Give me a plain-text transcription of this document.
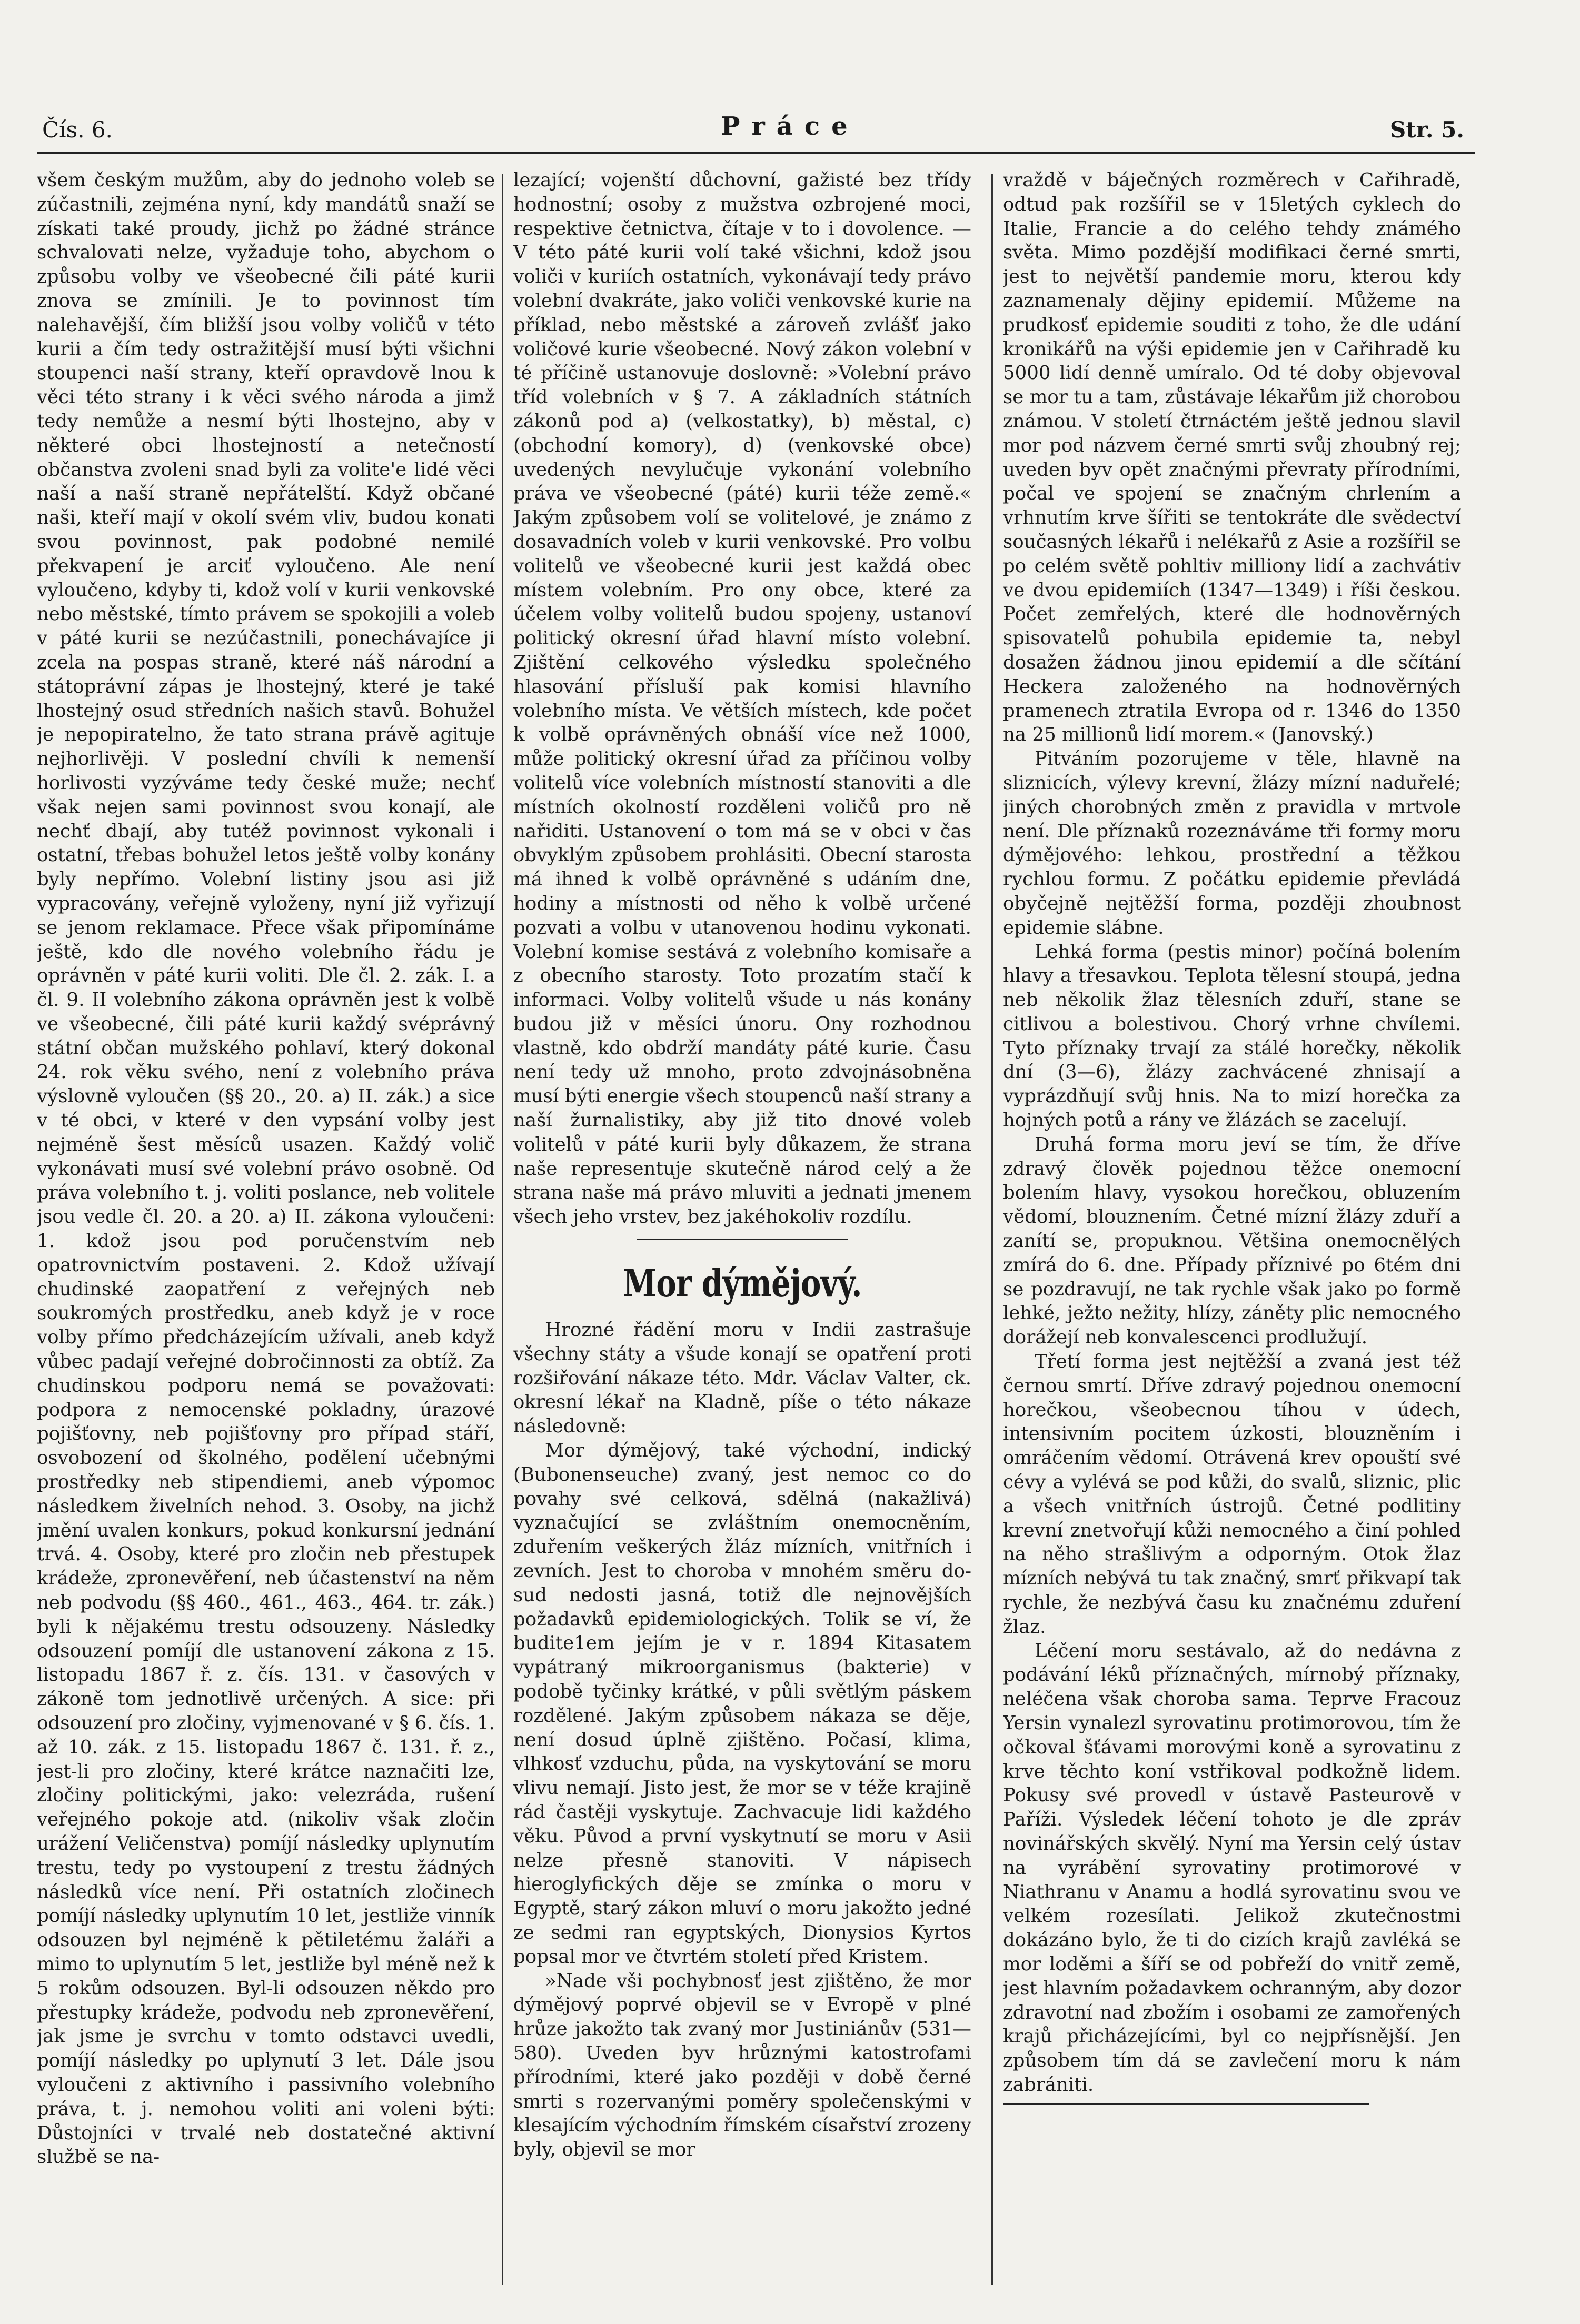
Čís. 6.	Práce	Str. 5.

všem českým mužům, aby do jednoho voleb se zúčastnili, zejména nyní, kdy mandátů snaží se získati také proudy, jichž po žádné stránce schvalovati nelze, vyžaduje toho, abychom o způsobu volby ve všeobecné čili páté kurii znova se zmínili. Je to povinnost tím nalehavější, čím bližší jsou volby voličů v této kurii a čím tedy ostražitější musí býti všichni stoupenci naší strany, kteří opravdově lnou k věci této strany i k věci svého národa a jimž tedy nemůže a nesmí býti lhostejno, aby v některé obci lhostejností a netečností občanstva zvoleni snad byli za volite'e lidé věci naší a naší straně nepřátelští. Když občané naši, kteří mají v okolí svém vliv, budou konati svou povinnost, pak podobné nemilé překvapení je arciť vyloučeno. Ale není vyloučeno, kdyby ti, kdož volí v kurii venkovské nebo městské, tímto právem se spokojili a voleb v páté kurii se nezúčastnili, ponechávajíce ji zcela na pospas straně, které náš národní a státoprávní zápas je lhostejný, které je také lhostejný osud středních našich stavů. Bohužel je nepopiratelno, že tato strana právě agituje nejhorlivěji. V poslední chvíli k nemenší horlivosti vyzýváme tedy české muže; nechť však nejen sami povinnost svou konají, ale nechť dbají, aby tutéž povinnost vykonali i ostatní, třebas bohužel letos ještě volby konány byly nepřímo. Volební listiny jsou asi již vypracovány, veřejně vyloženy, nyní již vyřizují se jenom reklamace. Přece však připomínáme ještě, kdo dle nového volebního řádu je oprávněn v páté kurii voliti. Dle čl. 2. zák. I. a čl. 9. II volebního zákona oprávněn jest k volbě ve všeobecné, čili páté kurii každý svéprávný státní občan mužského pohlaví, který dokonal 24. rok věku svého, není z volebního práva výslovně vyloučen (§§ 20., 20. a) II. zák.) a sice v té obci, v které v den vypsání volby jest nejméně šest měsíců usazen. Každý volič vykonávati musí své volební právo osobně. Od práva volebního t. j. voliti poslance, neb volitele jsou vedle čl. 20. a 20. a) II. zákona vyloučeni: 1. kdož jsou pod poručenstvím neb opatrovnictvím postaveni. 2. Kdož užívají chudinské zaopatření z veřejných neb soukromých prostředku, aneb když je v roce volby přímo předcházejícím užívali, aneb když vůbec padají veřejné dobročinnosti za obtíž. Za chudinskou podporu nemá se považovati: podpora z nemocenské pokladny, úrazové pojišťovny, neb pojišťovny pro případ stáří, osvobození od školného, podělení učebnými prostředky neb stipendiemi, aneb výpomoc následkem živelních nehod. 3. Osoby, na jichž jmění uvalen konkurs, pokud konkursní jednání trvá. 4. Osoby, které pro zločin neb přestupek krádeže, zpronevěření, neb účastenství na něm neb podvodu (§§ 460., 461., 463., 464. tr. zák.) byli k nějakému trestu odsouzeny. Následky odsouzení pomíjí dle ustanovení zákona z 15. listopadu 1867 ř. z. čís. 131. v časových v zákoně tom jednotlivě určených. A sice: při odsouzení pro zločiny, vyjmenované v § 6. čís. 1. až 10. zák. z 15. listopadu 1867 č. 131. ř. z., jest-li pro zločiny, které krátce naznačiti lze, zločiny politickými, jako: velezráda, rušení veřejného pokoje atd. (nikoliv však zločin urážení Veličenstva) pomíjí následky uplynutím trestu, tedy po vystoupení z trestu žádných následků více není. Při ostatních zločinech pomíjí následky uplynutím 10 let, jestliže vinník odsouzen byl nejméně k pětiletému žaláři a mimo to uplynutím 5 let, jestliže byl méně než k 5 rokům odsouzen. Byl-li odsouzen někdo pro přestupky krádeže, podvodu neb zpronevěření, jak jsme je svrchu v tomto odstavci uvedli, pomíjí následky po uplynutí 3 let. Dále jsou vyloučeni z aktivního i passivního volebního práva, t. j. nemohou voliti ani voleni býti: Důstojníci v trvalé neb dostatečné aktivní službě se na-

lezající; vojenští důchovní, gažisté bez třídy hodnostní; osoby z mužstva ozbrojené moci, respektive četnictva, čítaje v to i dovolence. — V této páté kurii volí také všichni, kdož jsou voliči v kuriích ostatních, vykonávají tedy právo volební dvakráte, jako voliči venkovské kurie na příklad, nebo městské a zároveň zvlášť jako voličové kurie všeobecné. Nový zákon volební v té příčině ustanovuje doslovně: »Volební právo tříd volebních v § 7. A základních státních zákonů pod a) (velkostatky), b) městal, c) (obchodní komory), d) (venkovské obce) uvedených nevylučuje vykonání volebního práva ve všeobecné (páté) kurii téže země.« Jakým způsobem volí se volitelové, je známo z dosavadních voleb v kurii venkovské. Pro volbu volitelů ve všeobecné kurii jest každá obec místem volebním. Pro ony obce, které za účelem volby volitelů budou spojeny, ustanoví politický okresní úřad hlavní místo volební. Zjištění celkového výsledku společného hlasování přísluší pak komisi hlavního volebního místa. Ve větších místech, kde počet k volbě oprávněných obnáší více než 1000, může politický okresní úřad za příčinou volby volitelů více volebních místností stanoviti a dle místních okolností rozděleni voličů pro ně nařiditi. Ustanovení o tom má se v obci v čas obvyklým způsobem prohlásiti. Obecní starosta má ihned k volbě oprávněné s udáním dne, hodiny a místnosti od něho k volbě určené pozvati a volbu v utanovenou hodinu vykonati. Volební komise sestává z volebního komisaře a z obecního starosty. Toto prozatím stačí k informaci. Volby volitelů všude u nás konány budou již v měsíci únoru. Ony rozhodnou vlastně, kdo obdrží mandáty páté kurie. Času není tedy už mnoho, proto zdvojnásobněna musí býti energie všech stoupenců naší strany a naší žurnalistiky, aby již tito dnové voleb volitelů v páté kurii byly důkazem, že strana naše representuje skutečně národ celý a že strana naše má právo mluviti a jednati jmenem všech jeho vrstev, bez jakéhokoliv rozdílu.

Mor dýmějový.

Hrozné řádění moru v Indii zastrašuje všechny státy a všude konají se opatření proti rozšiřování nákaze této. Mdr. Václav Valter, ck. okresní lékař na Kladně, píše o této nákaze následovně:

Mor dýmějový, také východní, indický (Bubonenseuche) zvaný, jest nemoc co do povahy své celková, sdělná (nakažlivá) vyznačující se zvláštním onemocněním, zduřením veškerých žláz mízních, vnitřních i zevních. Jest to choroba v mnohém směru do-sud nedosti jasná, totiž dle nejnovějších požadavků epidemiologických. Tolik se ví, že budite1em jejím je v r. 1894 Kitasatem vypátraný mikroorganismus (bakterie) v podobě tyčinky krátké, v půli světlým páskem rozdělené. Jakým způsobem nákaza se děje, není dosud úplně zjištěno. Počasí, klima, vlhkosť vzduchu, půda, na vyskytování se moru vlivu nemají. Jisto jest, že mor se v téže krajině rád častěji vyskytuje. Zachvacuje lidi každého věku. Původ a první vyskytnutí se moru v Asii nelze přesně stanoviti. V nápisech hieroglyfických děje se zmínka o moru v Egyptě, starý zákon mluví o moru jakožto jedné ze sedmi ran egyptských, Dionysios Kyrtos popsal mor ve čtvrtém století před Kristem.

»Nade vši pochybnosť jest zjištěno, že mor dýmějový poprvé objevil se v Evropě v plné hrůze jakožto tak zvaný mor Justiniánův (531—580). Uveden byv hrůznými katostrofami přírodními, které jako později v době černé smrti s rozervanými poměry společenskými v klesajícím východním římském císařství zrozeny byly, objevil se mor

vraždě v báječných rozměrech v Cařihradě, odtud pak rozšířil se v 15letých cyklech do Italie, Francie a do celého tehdy známého světa. Mimo pozdější modifikaci černé smrti, jest to největší pandemie moru, kterou kdy zaznamenaly dějiny epidemií. Můžeme na prudkosť epidemie souditi z toho, že dle udání kronikářů na výši epidemie jen v Cařihradě ku 5000 lidí denně umíralo. Od té doby objevoval se mor tu a tam, zůstávaje lékařům již chorobou známou. V století čtrnáctém ještě jednou slavil mor pod názvem černé smrti svůj zhoubný rej; uveden byv opět značnými převraty přírodními, počal ve spojení se značným chrlením a vrhnutím krve šířiti se tentokráte dle svědectví současných lékařů i nelékařů z Asie a rozšířil se po celém světě pohltiv milliony lidí a zachvátiv ve dvou epidemiích (1347—1349) i říši českou. Počet zemřelých, které dle hodnověrných spisovatelů pohubila epidemie ta, nebyl dosažen žádnou jinou epidemií a dle sčítání Heckera založeného na hodnověrných pramenech ztratila Evropa od r. 1346 do 1350 na 25 millionů lidí morem.« (Janovský.)

Pitváním pozorujeme v těle, hlavně na sliznicích, výlevy krevní, žlázy mízní naduřelé; jiných chorobných změn z pravidla v mrtvole není. Dle příznaků rozeznáváme tři formy moru dýmějového: lehkou, prostřední a těžkou rychlou formu. Z počátku epidemie převládá obyčejně nejtěžší forma, později zhoubnost epidemie slábne.

Lehká forma (pestis minor) počíná bolením hlavy a třesavkou. Teplota tělesní stoupá, jedna neb několik žlaz tělesních zduří, stane se citlivou a bolestivou. Chorý vrhne chvílemi. Tyto příznaky trvají za stálé horečky, několik dní (3—6), žlázy zachvácené zhnisají a vyprázdňují svůj hnis. Na to mizí horečka za hojných potů a rány ve žlázách se zacelují.

Druhá forma moru jeví se tím, že dříve zdravý člověk pojednou těžce onemocní bolením hlavy, vysokou horečkou, obluzením vědomí, blouznením. Četné mízní žlázy zduří a zanítí se, propuknou. Většina onemocnělých zmírá do 6. dne. Případy příznivé po 6tém dni se pozdravují, ne tak rychle však jako po formě lehké, ježto nežity, hlízy, záněty plic nemocného dorážejí neb konvalescenci prodlužují.

Třetí forma jest nejtěžší a zvaná jest též černou smrtí. Dříve zdravý pojednou onemocní horečkou, všeobecnou tíhou v údech, intensivním pocitem úzkosti, blouzněním i omráčením vědomí. Otrávená krev opouští své cévy a vylévá se pod kůži, do svalů, sliznic, plic a všech vnitřních ústrojů. Četné podlitiny krevní znetvořují kůži nemocného a činí pohled na něho strašlivým a odporným. Otok žlaz mízních nebývá tu tak značný, smrť přikvapí tak rychle, že nezbývá času ku značnému zduření žlaz.

Léčení moru sestávalo, až do nedávna z podávání léků příznačných, mírnobý příznaky, neléčena však choroba sama. Teprve Fracouz Yersin vynalezl syrovatinu protimorovou, tím že očkoval šťávami morovými koně a syrovatinu z krve těchto koní vstřikoval podkožně lidem. Pokusy své provedl v ústavě Pasteurově v Paříži. Výsledek léčení tohoto je dle zpráv novinářských skvělý. Nyní ma Yersin celý ústav na vyrábění syrovatiny protimorové v Niathranu v Anamu a hodlá syrovatinu svou ve velkém rozesílati. Jelikož zkutečnostmi dokázáno bylo, že ti do cizích krajů zavléká se mor loděmi a šíří se od pobřeží do vnitř země, jest hlavním požadavkem ochranným, aby dozor zdravotní nad zbožím i osobami ze zamořených krajů přicházejícími, byl co nejpřísnější. Jen způsobem tím dá se zavlečení moru k nám zabrániti.
